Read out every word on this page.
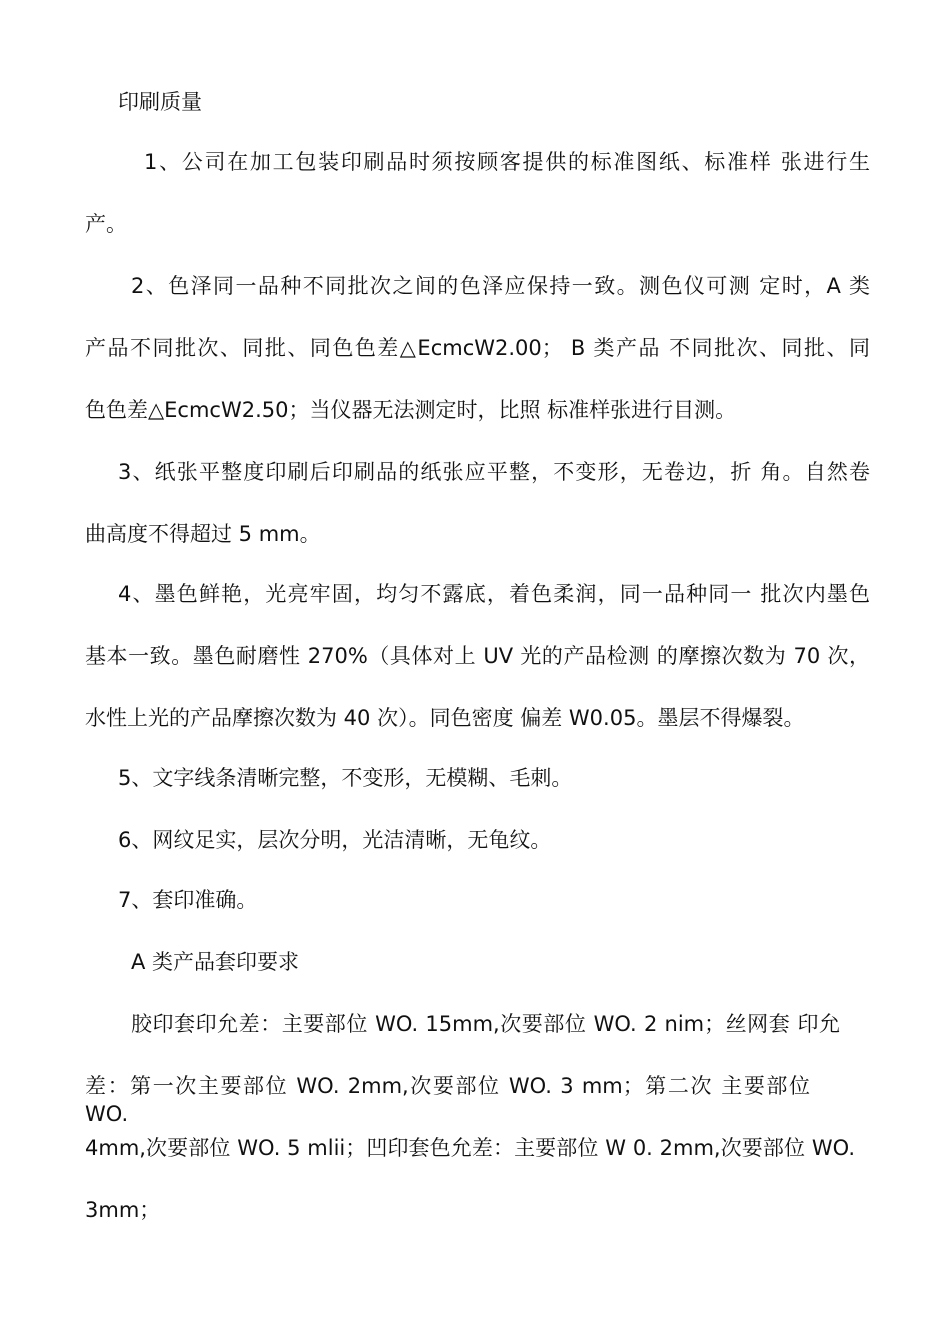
印刷质量
1、公司在加工包装印刷品时须按顾客提供的标准图纸、标准样 张进行生
产。
2、色泽同一品种不同批次之间的色泽应保持一致。测色仪可测 定时，A 类
产品不同批次、同批、同色色差△EcmcW2.00； B 类产品 不同批次、同批、同
色色差△EcmcW2.50；当仪器无法测定时，比照 标准样张进行目测。
3、纸张平整度印刷后印刷品的纸张应平整，不变形，无卷边，折 角。自然卷
曲高度不得超过 5 mm。
4、墨色鲜艳，光亮牢固，均匀不露底，着色柔润，同一品种同一 批次内墨色
基本一致。墨色耐磨性 270%（具体对上 UV 光的产品检测 的摩擦次数为 70 次，
水性上光的产品摩擦次数为 40 次）。同色密度 偏差 W0.05。墨层不得爆裂。
5、文字线条清晰完整，不变形，无模糊、毛刺。
6、网纹足实，层次分明，光洁清晰，无龟纹。
7、套印准确。
A 类产品套印要求
胶印套印允差：主要部位 WO. 15mm,次要部位 WO. 2 nim；丝网套 印允
差：第一次主要部位 WO. 2mm,次要部位 WO. 3 mm；第二次 主要部位 WO.
4mm,次要部位 WO. 5 mlii；凹印套色允差：主要部位 W 0. 2mm,次要部位 WO.
3mm；
